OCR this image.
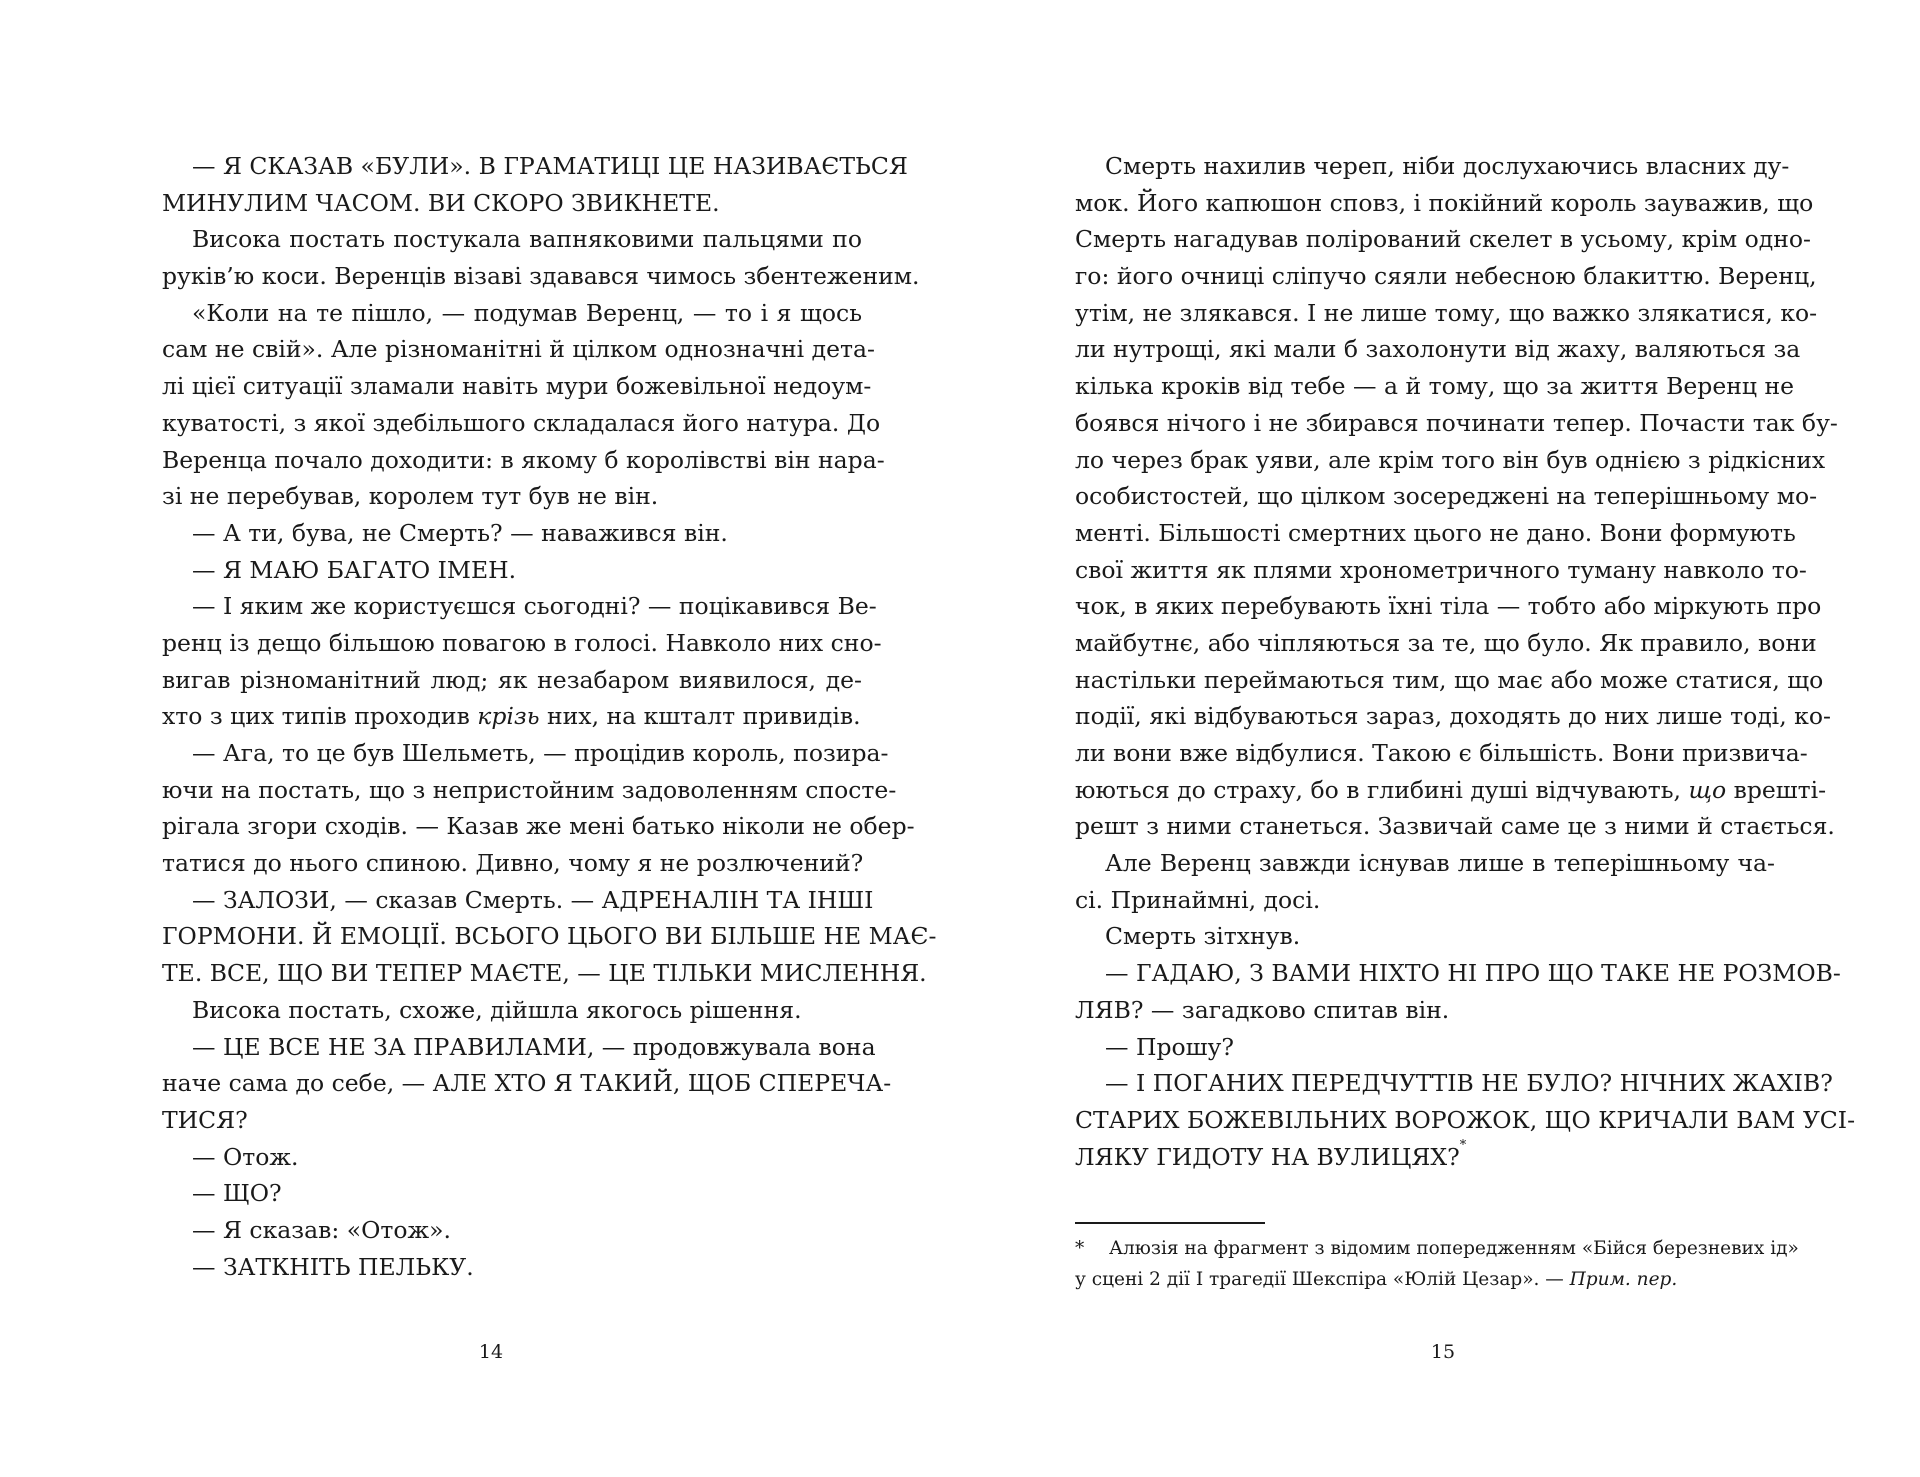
— Я СКАЗАВ «БУЛИ». В ГРАМАТИЦІ ЦЕ НАЗИВАЄТЬСЯ
МИНУЛИМ ЧАСОМ. ВИ СКОРО ЗВИКНЕТЕ.
Висока постать постукала вапняковими пальцями по
руків’ю коси. Веренців візаві здавався чимось збентеженим.
«Коли на те пішло, — подумав Веренц, — то і я щось
сам не свій». Але різноманітні й цілком однозначні дета-
лі цієї ситуації зламали навіть мури божевільної недоум-
куватості, з якої здебільшого складалася його натура. До
Веренца почало доходити: в якому б королівстві він нара-
зі не перебував, королем тут був не він.
— А ти, бува, не Смерть? — наважився він.
— Я МАЮ БАГАТО ІМЕН.
— І яким же користуєшся сьогодні? — поцікавився Ве-
ренц із дещо більшою повагою в голосі. Навколо них сно-
вигав різноманітний люд; як незабаром виявилося, де-
хто з цих типів проходив крізь них, на кшталт привидів.
— Ага, то це був Шельметь, — процідив король, позира-
ючи на постать, що з непристойним задоволенням спосте-
рігала згори сходів. — Казав же мені батько ніколи не обер-
татися до нього спиною. Дивно, чому я не розлючений?
— ЗАЛОЗИ, — сказав Смерть. — АДРЕНАЛІН ТА ІНШІ
ГОРМОНИ. Й ЕМОЦІЇ. ВСЬОГО ЦЬОГО ВИ БІЛЬШЕ НЕ МАЄ-
ТЕ. ВСЕ, ЩО ВИ ТЕПЕР МАЄТЕ, — ЦЕ ТІЛЬКИ МИСЛЕННЯ.
Висока постать, схоже, дійшла якогось рішення.
— ЦЕ ВСЕ НЕ ЗА ПРАВИЛАМИ, — продовжувала вона
наче сама до себе, — АЛЕ ХТО Я ТАКИЙ, ЩОБ СПЕРЕЧА-
ТИСЯ?
— Отож.
— ЩО?
— Я сказав: «Отож».
— ЗАТКНІТЬ ПЕЛЬКУ.
Смерть нахилив череп, ніби дослухаючись власних ду-
мок. Його капюшон сповз, і покійний король зауважив, що
Смерть нагадував полірований скелет в усьому, крім одно-
го: його очниці сліпучо сяяли небесною блакиттю. Веренц,
утім, не злякався. І не лише тому, що важко злякатися, ко-
ли нутрощі, які мали б захолонути від жаху, валяються за
кілька кроків від тебе — а й тому, що за життя Веренц не
боявся нічого і не збирався починати тепер. Почасти так бу-
ло через брак уяви, але крім того він був однією з рідкісних
особистостей, що цілком зосереджені на теперішньому мо-
менті. Більшості смертних цього не дано. Вони формують
свої життя як плями хронометричного туману навколо то-
чок, в яких перебувають їхні тіла — тобто або міркують про
майбутнє, або чіпляються за те, що було. Як правило, вони
настільки переймаються тим, що має або може статися, що
події, які відбуваються зараз, доходять до них лише тоді, ко-
ли вони вже відбулися. Такою є більшість. Вони призвича-
юються до страху, бо в глибині душі відчувають, що врешті-
решт з ними станеться. Зазвичай саме це з ними й стається.
Але Веренц завжди існував лише в теперішньому ча-
сі. Принаймні, досі.
Смерть зітхнув.
— ГАДАЮ, З ВАМИ НІХТО НІ ПРО ЩО ТАКЕ НЕ РОЗМОВ-
ЛЯВ? — загадково спитав він.
— Прошу?
— І ПОГАНИХ ПЕРЕДЧУТТІВ НЕ БУЛО? НІЧНИХ ЖАХІВ?
СТАРИХ БОЖЕВІЛЬНИХ ВОРОЖОК, ЩО КРИЧАЛИ ВАМ УСІ-
ЛЯКУ ГИДОТУ НА ВУЛИЦЯХ?*
* Алюзія на фрагмент з відомим попередженням «Бійся березневих ід»
у сцені 2 дії І трагедії Шекспіра «Юлій Цезар». — Прим. пер.
14	15
